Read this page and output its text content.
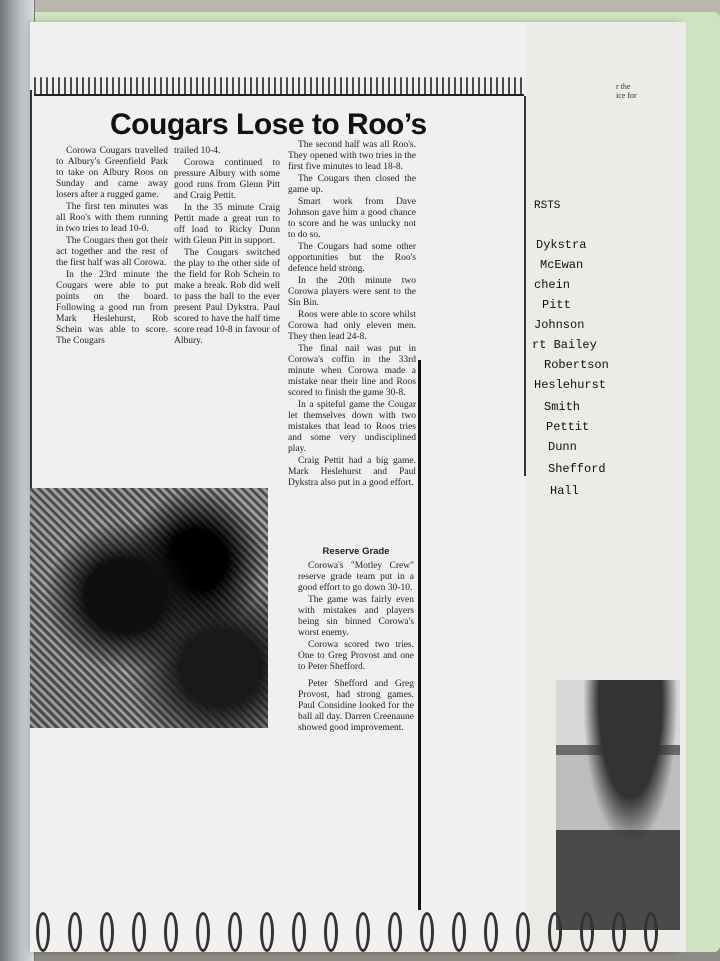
Cougars Lose to Roo’s

Corowa Cougars travelled to Albury's Greenfield Park to take on Albury Roos on Sunday and came away losers after a rugged game.

The first ten minutes was all Roo's with them running in two tries to lead 10-0.

The Cougars then got their act together and the rest of the first half was all Corowa.

In the 23rd minute the Cougars were able to put points on the board. Following a good run from Mark Heslehurst, Rob Schein was able to score. The Cougars

trailed 10-4.

Corowa continued to pressure Albury with some good runs from Glenn Pitt and Craig Pettit.

In the 35 minute Craig Pettit made a great run to off load to Ricky Dunn with Glenn Pitt in support.

The Cougars switched the play to the other side of the field for Rob Schein to make a break. Rob did well to pass the ball to the ever present Paul Dykstra. Paul scored to have the half time score read 10-8 in favour of Albury.

The second half was all Roo's. They opened with two tries in the first five minutes to lead 18-8.

The Cougars then closed the game up.

Smart work from Dave Johnson gave him a good chance to score and he was unlucky not to do so.

The Cougars had some other opportunities but the Roo's defence held strong.

In the 20th minute two Corowa players were sent to the Sin Bin.

Roos were able to score whilst Corowa had only eleven men. They then lead 24-8.

The final nail was put in Corowa's coffin in the 33rd minute when Corowa made a mistake near their line and Roos scored to finish the game 30-8.

In a spiteful game the Cougar let themselves down with two mistakes that lead to Roos tries and some very undisciplined play.

Craig Pettit had a big game. Mark Heslehurst and Paul Dykstra also put in a good effort.

Reserve Grade

Corowa's "Motley Crew" reserve grade team put in a good effort to go down 30-10.

The game was fairly even with mistakes and players being sin binned Corowa's worst enemy.

Corowa scored two tries. One to Greg Provost and one to Peter Shefford.

Peter Shefford and Greg Provost, had strong games. Paul Considine looked for the ball all day. Darren Creenaune showed good improvement.

r the
ice for
RSTS
Dykstra
McEwan
chein
Pitt
Johnson
rt Bailey
Robertson
Heslehurst
Smith
Pettit
Dunn
Shefford
Hall
